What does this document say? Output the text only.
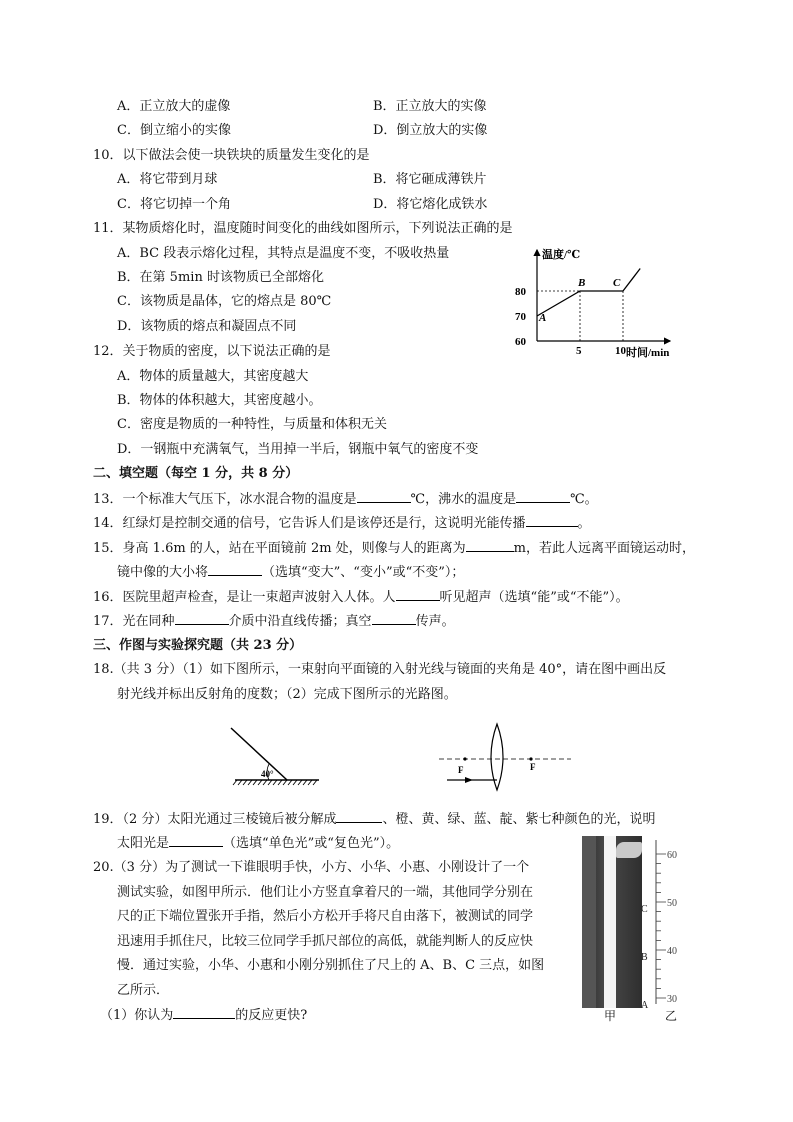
A．正立放大的虚像	B．正立放大的实像
C．倒立缩小的实像	D．倒立放大的实像
10．以下做法会使一块铁块的质量发生变化的是
A．将它带到月球	B．将它砸成薄铁片
C．将它切掉一个角	D．将它熔化成铁水
11．某物质熔化时，温度随时间变化的曲线如图所示，下列说法正确的是
A．BC 段表示熔化过程，其特点是温度不变，不吸收热量
B．在第 5min 时该物质已全部熔化
C．该物质是晶体，它的熔点是 80℃
D．该物质的熔点和凝固点不同
温度/℃
时间/min
60
70
80
5	10
A
B	C
12．关于物质的密度，以下说法正确的是
A．物体的质量越大，其密度越大
B．物体的体积越大，其密度越小。
C．密度是物质的一种特性，与质量和体积无关
D．一钢瓶中充满氧气，当用掉一半后，钢瓶中氧气的密度不变
二、填空题（每空 1 分，共 8 分）
13．一个标准大气压下，冰水混合物的温度是	℃，沸水的温度是	℃。
14．红绿灯是控制交通的信号，它告诉人们是该停还是行，这说明光能传播	。
15．身高 1.6m 的人，站在平面镜前 2m 处，则像与人的距离为	m，若此人远离平面镜运动时，
镜中像的大小将	（选填“变大”、“变小”或“不变”）；
16．医院里超声检查，是让一束超声波射入人体。人	听见超声（选填“能”或“不能”）。
17．光在同种	介质中沿直线传播；真空	传声。
三、作图与实验探究题（共 23 分）
18.（共 3 分）（1）如下图所示，一束射向平面镜的入射光线与镜面的夹角是 40°，请在图中画出反
射光线并标出反射角的度数；（2）完成下图所示的光路图。
40°	F	F
19．（2 分）太阳光通过三棱镜后被分解成	、橙、黄、绿、蓝、靛、紫七种颜色的光，说明
太阳光是	（选填“单色光”或“复色光”）。
20.（3 分）为了测试一下谁眼明手快，小方、小华、小惠、小刚设计了一个
测试实验，如图甲所示．他们让小方竖直拿着尺的一端，其他同学分别在
尺的正下端位置张开手指，然后小方松开手将尺自由落下，被测试的同学
迅速用手抓住尺，比较三位同学手抓尺部位的高低，就能判断人的反应快
慢．通过实验，小华、小惠和小刚分别抓住了尺上的 A、B、C 三点，如图
乙所示．
（1）你认为	的反应更快?
60
50
40
30
C
B
A
甲	乙
